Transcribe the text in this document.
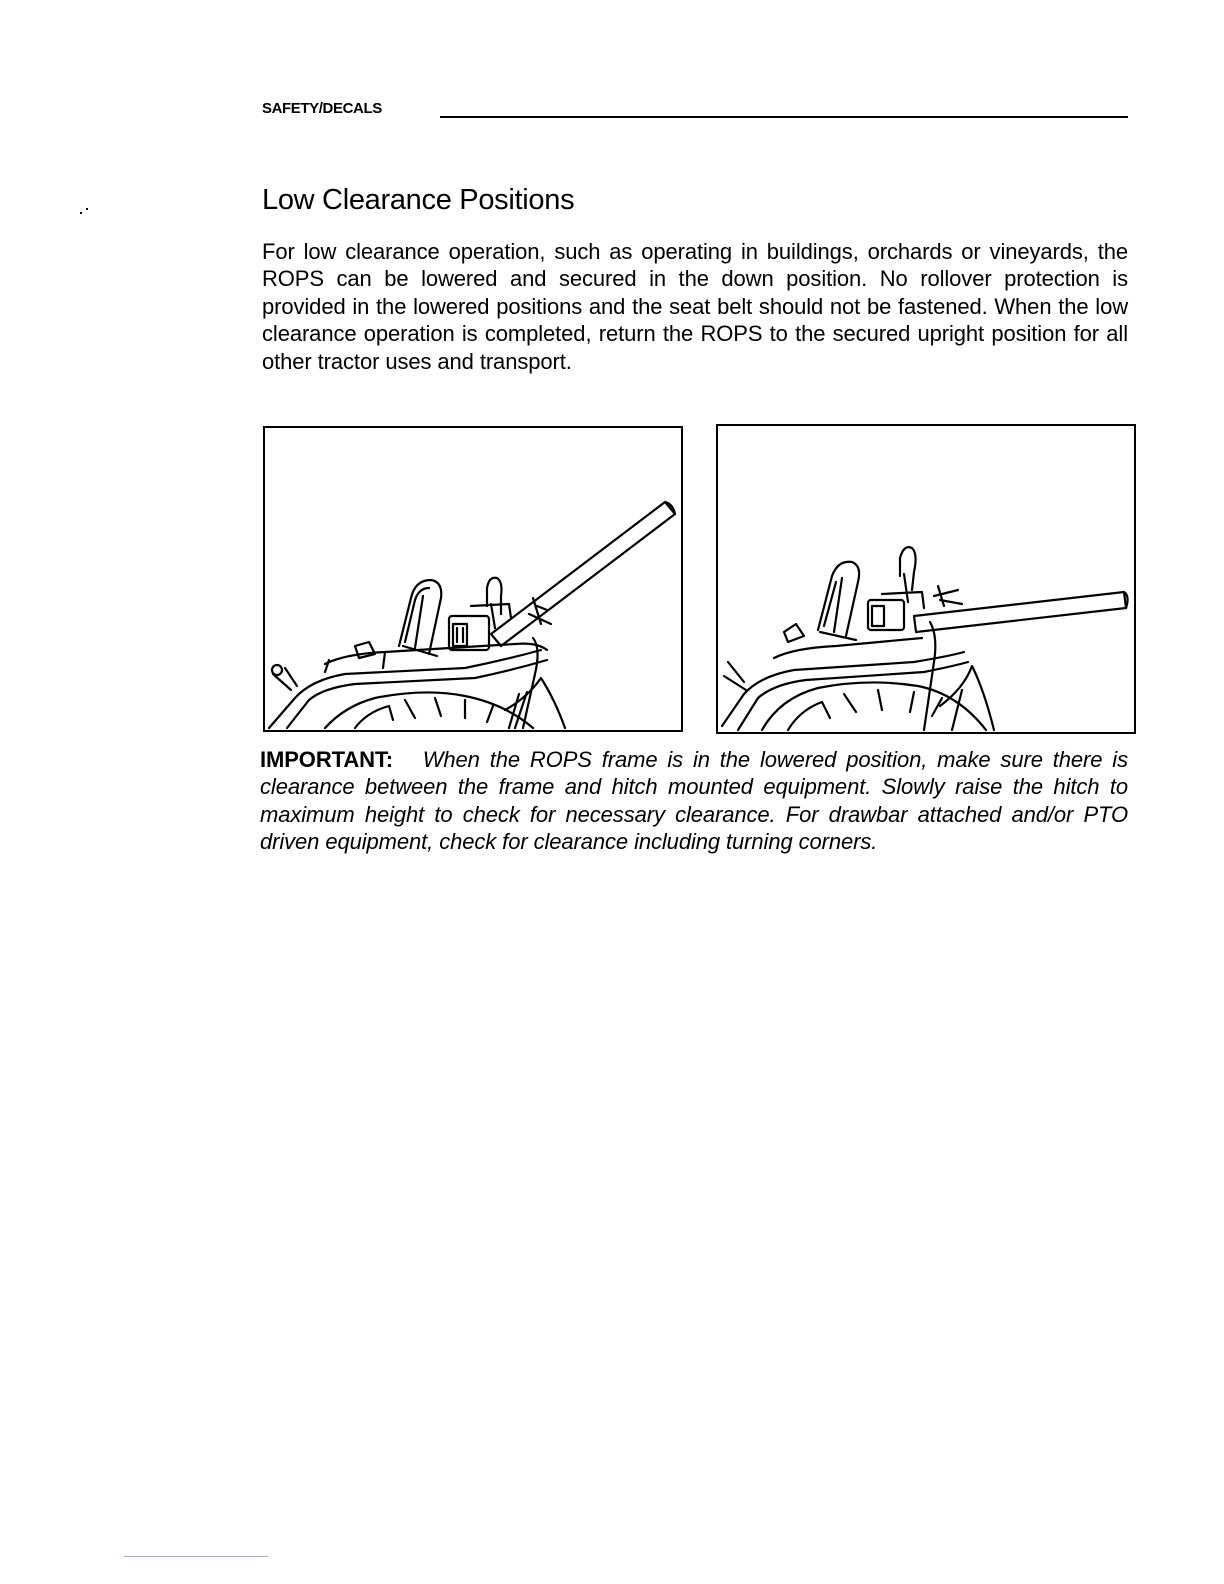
SAFETY/DECALS
Low Clearance Positions

For low clearance operation, such as operating in buildings, orchards or vineyards, the ROPS can be lowered and secured in the down position. No rollover protection is provided in the lowered positions and the seat belt should not be fastened. When the low clearance operation is completed, return the ROPS to the secured upright position for all other tractor uses and transport.

IMPORTANT: When the ROPS frame is in the lowered position, make sure there is clearance between the frame and hitch mounted equipment. Slowly raise the hitch to maximum height to check for necessary clearance. For drawbar attached and/or PTO driven equipment, check for clearance including turning corners.
